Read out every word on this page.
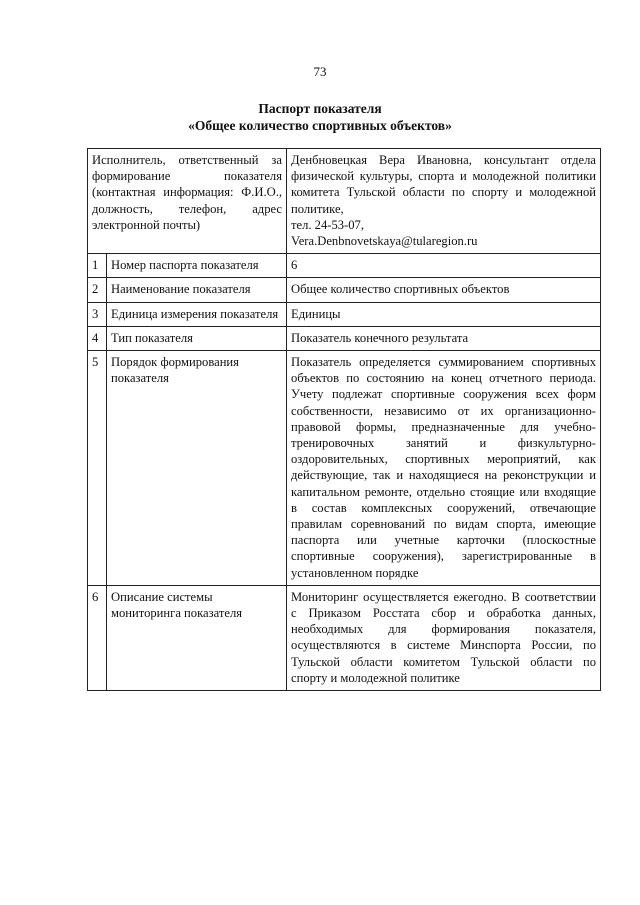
73
Паспорт показателя
«Общее количество спортивных объектов»
Исполнитель, ответственный за формирование показателя (контактная информация: Ф.И.О., должность, телефон, адрес электронной почты)		Денбновецкая Вера Ивановна, консультант отдела физической культуры, спорта и молодежной политики комитета Тульской области по спорту и молодежной политике,
тел. 24-53-07,
Vera.Denbnovetskaya@tularegion.ru

1	Номер паспорта показателя	6
2	Наименование показателя	Общее количество спортивных объектов
3	Единица измерения показателя	Единицы
4	Тип показателя	Показатель конечного результата
5	Порядок формирования показателя	Показатель определяется суммированием спортивных объектов по состоянию на конец отчетного периода. Учету подлежат спортивные сооружения всех форм собственности, независимо от их организационно-правовой формы, предназначенные для учебно-тренировочных занятий и физкультурно-оздоровительных, спортивных мероприятий, как действующие, так и находящиеся на реконструкции и капитальном ремонте, отдельно стоящие или входящие в состав комплексных сооружений, отвечающие правилам соревнований по видам спорта, имеющие паспорта или учетные карточки (плоскостные спортивные сооружения), зарегистрированные в установленном порядке
6	Описание системы мониторинга показателя	Мониторинг осуществляется ежегодно. В соответствии с Приказом Росстата сбор и обработка данных, необходимых для формирования показателя, осуществляются в системе Минспорта России, по Тульской области комитетом Тульской области по спорту и молодежной политике
